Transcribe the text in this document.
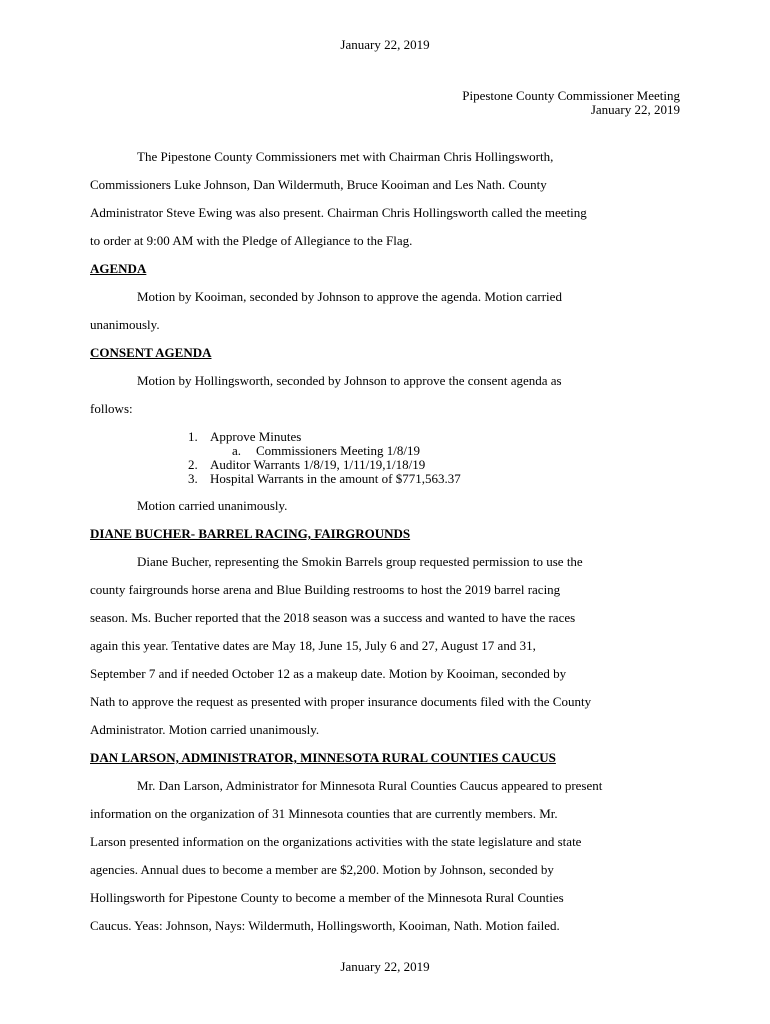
January 22, 2019
Pipestone County Commissioner Meeting
January 22, 2019
The Pipestone County Commissioners met with Chairman Chris Hollingsworth,
Commissioners Luke Johnson, Dan Wildermuth, Bruce Kooiman and Les Nath. County
Administrator Steve Ewing was also present. Chairman Chris Hollingsworth called the meeting
to order at 9:00 AM with the Pledge of Allegiance to the Flag.
AGENDA
Motion by Kooiman, seconded by Johnson to approve the agenda. Motion carried
unanimously.
CONSENT AGENDA
Motion by Hollingsworth, seconded by Johnson to approve the consent agenda as
follows:
1. Approve Minutes
a.	Commissioners Meeting 1/8/19
2. Auditor Warrants 1/8/19, 1/11/19,1/18/19
3. Hospital Warrants in the amount of $771,563.37
Motion carried unanimously.
DIANE BUCHER- BARREL RACING, FAIRGROUNDS
Diane Bucher, representing the Smokin Barrels group requested permission to use the
county fairgrounds horse arena and Blue Building restrooms to host the 2019 barrel racing
season. Ms. Bucher reported that the 2018 season was a success and wanted to have the races
again this year. Tentative dates are May 18, June 15, July 6 and 27, August 17 and 31,
September 7 and if needed October 12 as a makeup date. Motion by Kooiman, seconded by
Nath to approve the request as presented with proper insurance documents filed with the County
Administrator. Motion carried unanimously.
DAN LARSON, ADMINISTRATOR, MINNESOTA RURAL COUNTIES CAUCUS
Mr. Dan Larson, Administrator for Minnesota Rural Counties Caucus appeared to present
information on the organization of 31 Minnesota counties that are currently members. Mr.
Larson presented information on the organizations activities with the state legislature and state
agencies. Annual dues to become a member are $2,200. Motion by Johnson, seconded by
Hollingsworth for Pipestone County to become a member of the Minnesota Rural Counties
Caucus. Yeas: Johnson, Nays: Wildermuth, Hollingsworth, Kooiman, Nath. Motion failed.
January 22, 2019
